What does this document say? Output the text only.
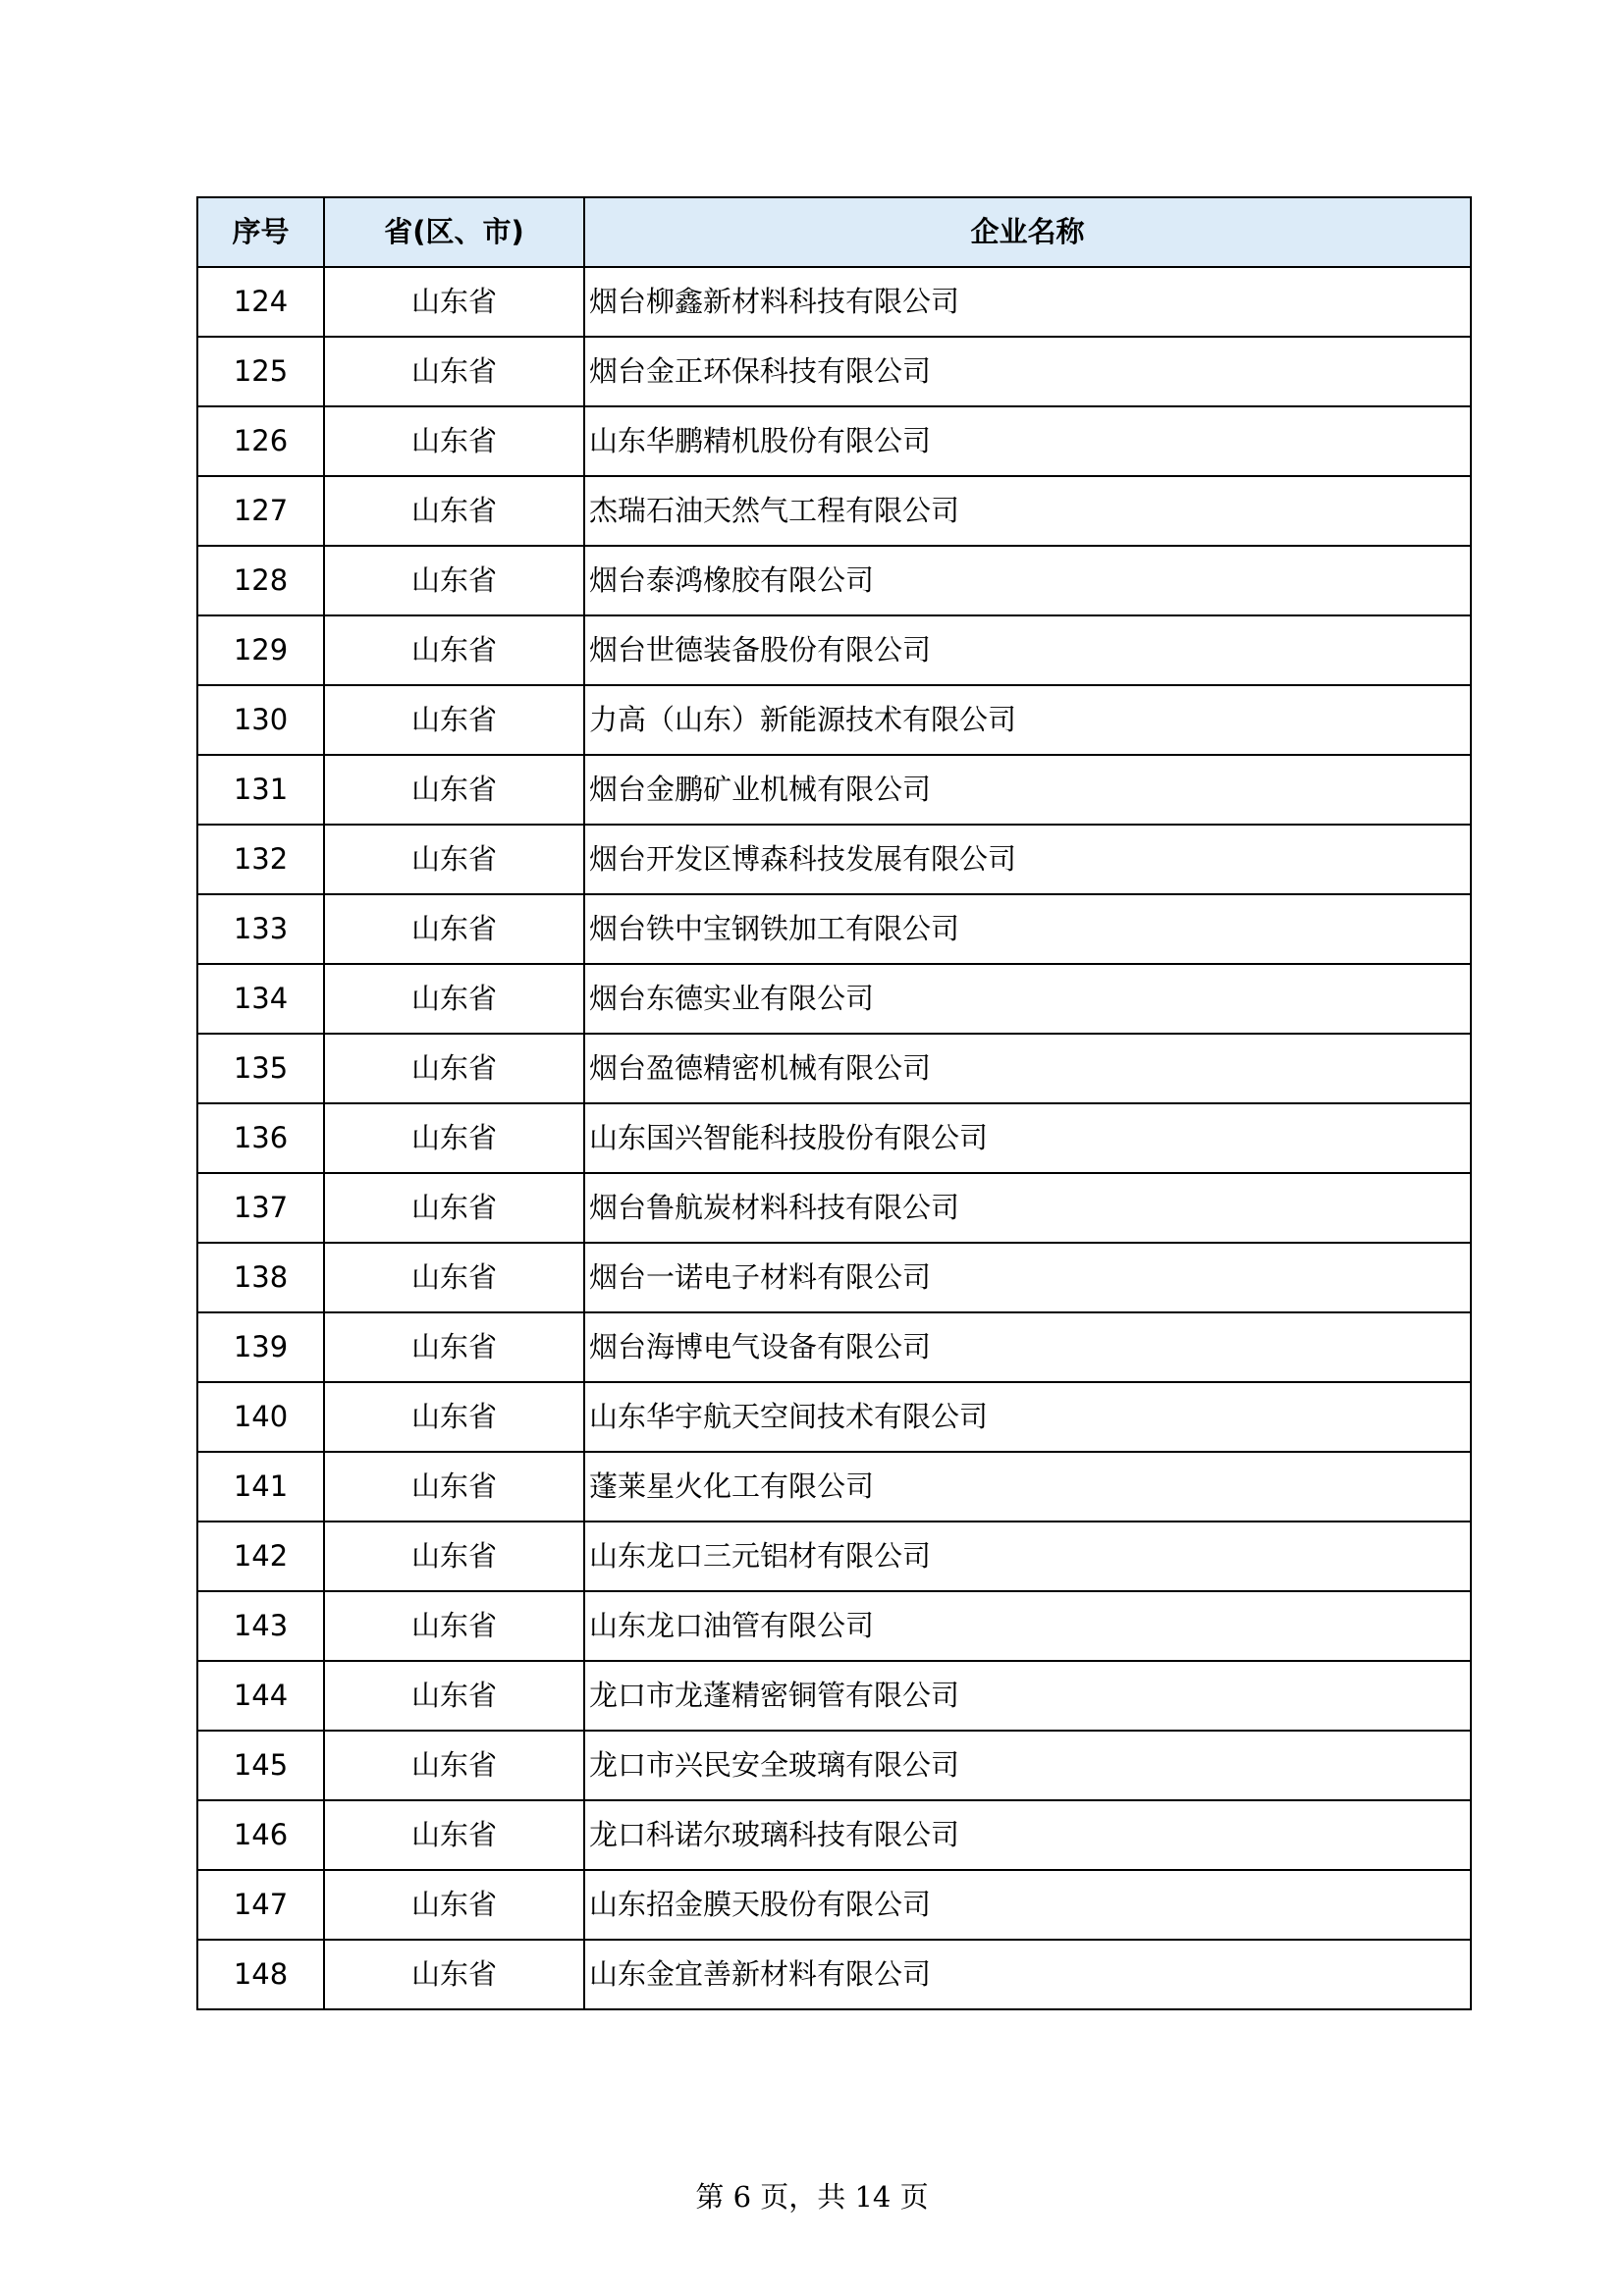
序号	省(区、市)	企业名称
124	山东省	烟台柳鑫新材料科技有限公司
125	山东省	烟台金正环保科技有限公司
126	山东省	山东华鹏精机股份有限公司
127	山东省	杰瑞石油天然气工程有限公司
128	山东省	烟台泰鸿橡胶有限公司
129	山东省	烟台世德装备股份有限公司
130	山东省	力高（山东）新能源技术有限公司
131	山东省	烟台金鹏矿业机械有限公司
132	山东省	烟台开发区博森科技发展有限公司
133	山东省	烟台铁中宝钢铁加工有限公司
134	山东省	烟台东德实业有限公司
135	山东省	烟台盈德精密机械有限公司
136	山东省	山东国兴智能科技股份有限公司
137	山东省	烟台鲁航炭材料科技有限公司
138	山东省	烟台一诺电子材料有限公司
139	山东省	烟台海博电气设备有限公司
140	山东省	山东华宇航天空间技术有限公司
141	山东省	蓬莱星火化工有限公司
142	山东省	山东龙口三元铝材有限公司
143	山东省	山东龙口油管有限公司
144	山东省	龙口市龙蓬精密铜管有限公司
145	山东省	龙口市兴民安全玻璃有限公司
146	山东省	龙口科诺尔玻璃科技有限公司
147	山东省	山东招金膜天股份有限公司
148	山东省	山东金宜善新材料有限公司
第 6 页，共 14 页
